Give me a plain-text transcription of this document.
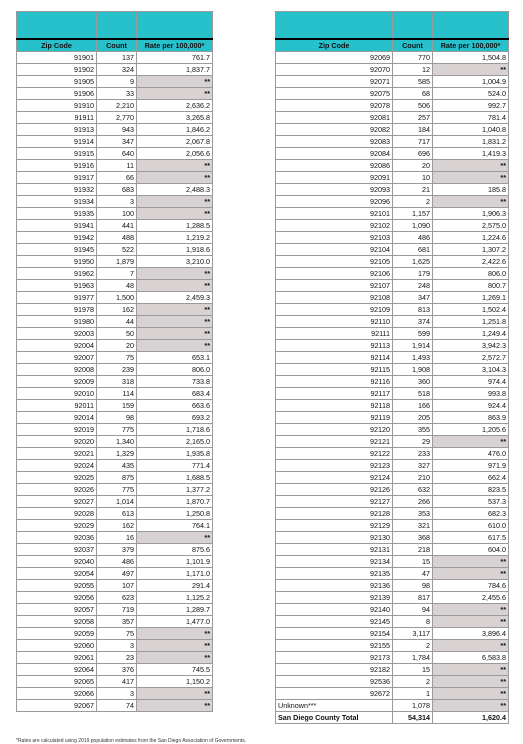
Zip Code	Count	Rate per 100,000*
91901	137	761.7
91902	324	1,837.7
91905	9	**
91906	33	**
91910	2,210	2,636.2
91911	2,770	3,265.8
91913	943	1,846.2
91914	347	2,067.8
91915	640	2,056.6
91916	11	**
91917	66	**
91932	683	2,488.3
91934	3	**
91935	100	**
91941	441	1,288.5
91942	488	1,219.2
91945	522	1,918.6
91950	1,879	3,210.0
91962	7	**
91963	48	**
91977	1,500	2,459.3
91978	162	**
91980	44	**
92003	50	**
92004	20	**
92007	75	653.1
92008	239	806.0
92009	318	733.8
92010	114	683.4
92011	159	663.6
92014	98	693.2
92019	775	1,718.6
92020	1,340	2,165.0
92021	1,329	1,935.8
92024	435	771.4
92025	875	1,688.5
92026	775	1,377.2
92027	1,014	1,870.7
92028	613	1,250.8
92029	162	764.1
92036	16	**
92037	379	875.6
92040	486	1,101.9
92054	497	1,171.0
92055	107	291.4
92056	623	1,125.2
92057	719	1,289.7
92058	357	1,477.0
92059	75	**
92060	3	**
92061	23	**
92064	376	745.5
92065	417	1,150.2
92066	3	**
92067	74	**

Zip Code	Count	Rate per 100,000*
92069	770	1,504.8
92070	12	**
92071	585	1,004.9
92075	68	524.0
92078	506	992.7
92081	257	781.4
92082	184	1,040.8
92083	717	1,831.2
92084	696	1,419.3
92086	20	**
92091	10	**
92093	21	185.8
92096	2	**
92101	1,157	1,906.3
92102	1,090	2,575.0
92103	486	1,224.6
92104	681	1,307.2
92105	1,625	2,422.6
92106	179	806.0
92107	248	800.7
92108	347	1,269.1
92109	813	1,502.4
92110	374	1,251.8
92111	599	1,249.4
92113	1,914	3,942.3
92114	1,493	2,572.7
92115	1,908	3,104.3
92116	360	974.4
92117	518	993.8
92118	166	924.4
92119	205	863.9
92120	355	1,205.6
92121	29	**
92122	233	476.0
92123	327	971.9
92124	210	662.4
92126	632	823.5
92127	266	537.3
92128	353	682.3
92129	321	610.0
92130	368	617.5
92131	218	604.0
92134	15	**
92135	47	**
92136	98	784.6
92139	817	2,455.6
92140	94	**
92145	8	**
92154	3,117	3,896.4
92155	2	**
92173	1,784	6,583.8
92182	15	**
92536	2	**
92672	1	**
Unknown***	1,078	**
San Diego County Total	54,314	1,620.4
*Rates are calculated using 2019 population estimates from the San Diego Association of Governments.
